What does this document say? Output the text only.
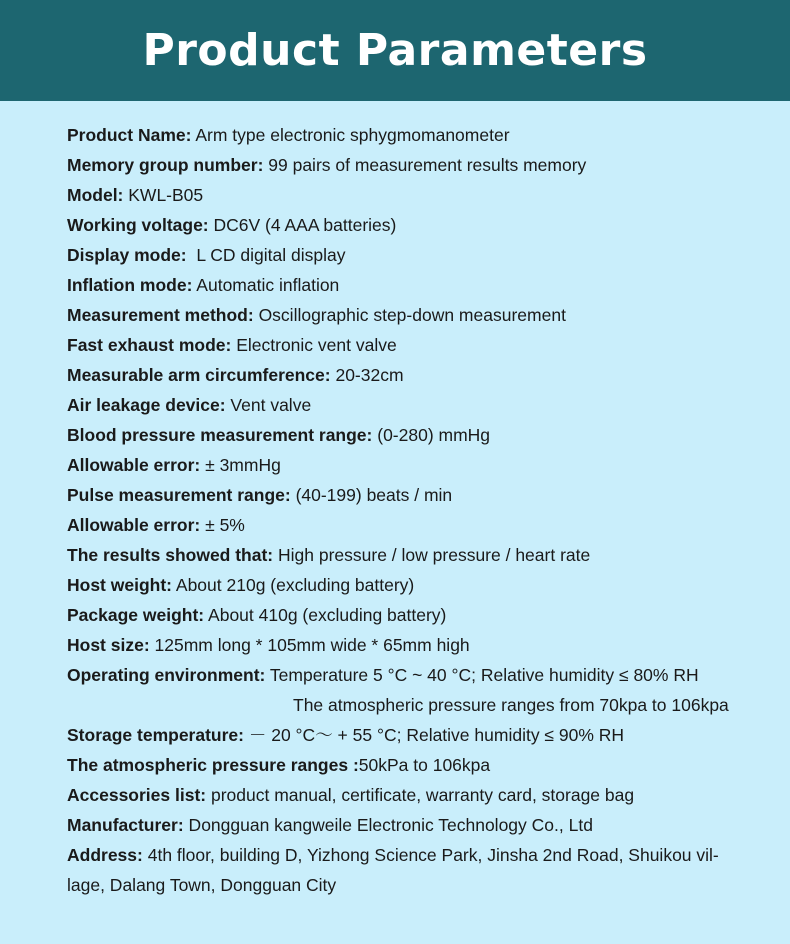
Product Parameters
Product Name: Arm type electronic sphygmomanometer
Memory group number: 99 pairs of measurement results memory
Model: KWL-B05
Working voltage: DC6V (4 AAA batteries)
Display mode:  L CD digital display
Inflation mode: Automatic inflation
Measurement method: Oscillographic step-down measurement
Fast exhaust mode: Electronic vent valve
Measurable arm circumference: 20-32cm
Air leakage device: Vent valve
Blood pressure measurement range: (0-280) mmHg
Allowable error: ± 3mmHg
Pulse measurement range: (40-199) beats / min
Allowable error: ± 5%
The results showed that: High pressure / low pressure / heart rate
Host weight: About 210g (excluding battery)
Package weight: About 410g (excluding battery)
Host size: 125mm long * 105mm wide * 65mm high
Operating environment: Temperature 5 °C ~ 40 °C; Relative humidity ≤ 80% RH
The atmospheric pressure ranges from 70kpa to 106kpa
Storage temperature: － 20 °C～ + 55 °C; Relative humidity ≤ 90% RH
The atmospheric pressure ranges :50kPa to 106kpa
Accessories list: product manual, certificate, warranty card, storage bag
Manufacturer: Dongguan kangweile Electronic Technology Co., Ltd
Address: 4th floor, building D, Yizhong Science Park, Jinsha 2nd Road, Shuikou vil-
lage, Dalang Town, Dongguan City
